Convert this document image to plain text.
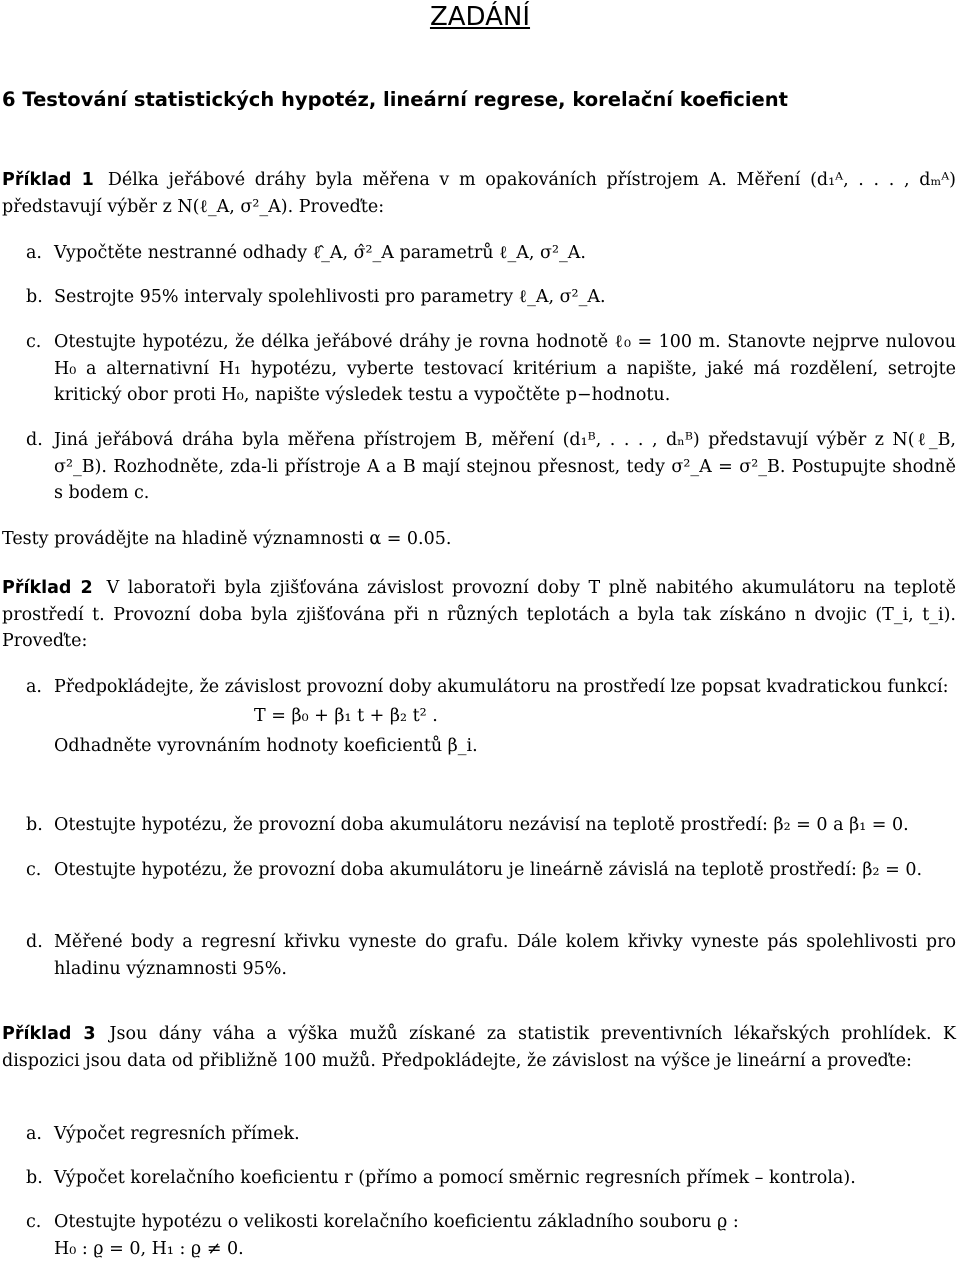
ZADÁNÍ
6 Testování statistických hypotéz, lineární regrese, korelační koeficient
Příklad 1 Délka jeřábové dráhy byla měřena v m opakováních přístrojem A. Měření (d₁ᴬ, . . . , dₘᴬ) představují výběr z N(ℓ_A, σ²_A). Proveďte:
a. Vypočtěte nestranné odhady ℓ̂_A, σ̂²_A parametrů ℓ_A, σ²_A.
b. Sestrojte 95% intervaly spolehlivosti pro parametry ℓ_A, σ²_A.
c. Otestujte hypotézu, že délka jeřábové dráhy je rovna hodnotě ℓ₀ = 100 m. Stanovte nejprve nulovou H₀ a alternativní H₁ hypotézu, vyberte testovací kritérium a napište, jaké má rozdělení, setrojte kritický obor proti H₀, napište výsledek testu a vypočtěte p−hodnotu.
d. Jiná jeřábová dráha byla měřena přístrojem B, měření (d₁ᴮ, . . . , dₙᴮ) představují výběr z N(ℓ_B, σ²_B). Rozhodněte, zda-li přístroje A a B mají stejnou přesnost, tedy σ²_A = σ²_B. Postupujte shodně s bodem c.
Testy provádějte na hladině významnosti α = 0.05.
Příklad 2 V laboratoři byla zjišťována závislost provozní doby T plně nabitého akumulátoru na teplotě prostředí t. Provozní doba byla zjišťována při n různých teplotách a byla tak získáno n dvojic (T_i, t_i). Proveďte:
a. Předpokládejte, že závislost provozní doby akumulátoru na prostředí lze popsat kvadratickou funkcí:
T = β₀ + β₁ t + β₂ t² .
Odhadněte vyrovnáním hodnoty koeficientů β_i.
b. Otestujte hypotézu, že provozní doba akumulátoru nezávisí na teplotě prostředí: β₂ = 0 a β₁ = 0.
c. Otestujte hypotézu, že provozní doba akumulátoru je lineárně závislá na teplotě prostředí: β₂ = 0.
d. Měřené body a regresní křivku vyneste do grafu. Dále kolem křivky vyneste pás spolehlivosti pro hladinu významnosti 95%.
Příklad 3 Jsou dány váha a výška mužů získané za statistik preventivních lékařských prohlídek. K dispozici jsou data od přibližně 100 mužů. Předpokládejte, že závislost na výšce je lineární a proveďte:
a. Výpočet regresních přímek.
b. Výpočet korelačního koeficientu r (přímo a pomocí směrnic regresních přímek – kontrola).
c. Otestujte hypotézu o velikosti korelačního koeficientu základního souboru ϱ :
H₀ : ϱ = 0, H₁ : ϱ ≠ 0.
